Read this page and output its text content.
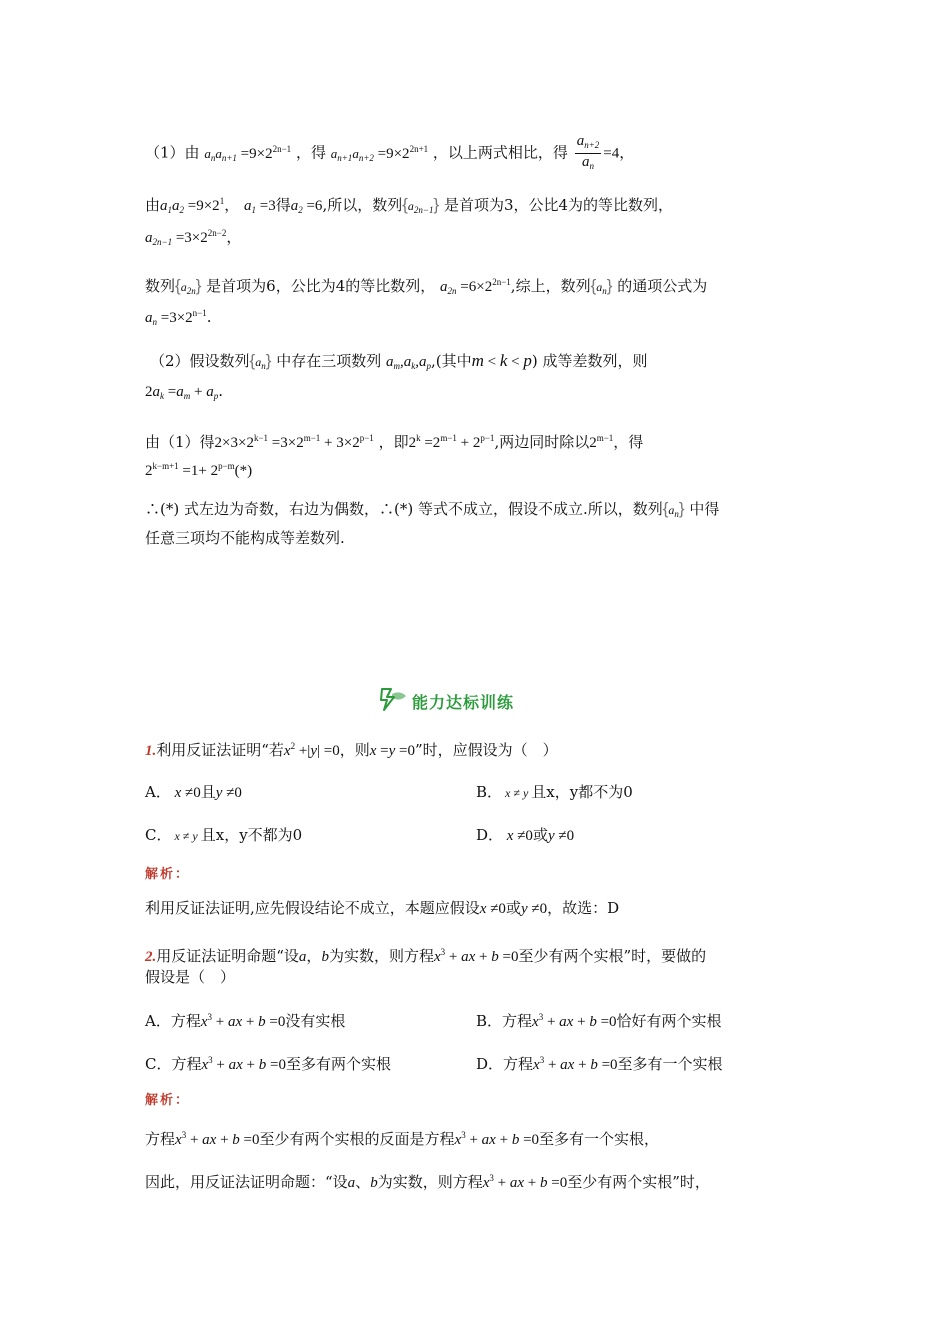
（1）由 $a_na_{n+1} =9\times 2^{2n-1}$ ，得 $a_{n+1}a_{n+2} =9\times 2^{2n+1}$ ，以上两式相比，得 $\frac{a_{n+2}}{a_n} =4$，
由$a_1a_2 =9\times 2^1$， $a_1 =3$得$a_2 =6$,所以，数列$\{a_{2n-1}\}$ 是首项为3，公比4为的等比数列，
$a_{2n-1} =3\times 2^{2n-2}$，
数列$\{a_{2n}\}$ 是首项为6，公比为4的等比数列， $a_{2n} =6\times 2^{2n-1}$,综上，数列$\{a_n\}$ 的通项公式为
$a_n =3\times 2^{n-1}$.
（2）假设数列$\{a_n\}$ 中存在三项数列 $a_m,a_k,a_p$,(其中m < k < p) 成等差数列，则
$2a_k =a_m + a_p$.
由（1）得$2\times 3\times 2^{k-1} =3\times 2^{m-1} + 3\times 2^{p-1}$ ，即$2^k =2^{m-1} + 2^{p-1}$,两边同时除以$2^{m-1}$，得
$2^{k-m+1} =1+ 2^{p-m}(*)$
∴(*) 式左边为奇数，右边为偶数，∴(*) 等式不成立，假设不成立.所以，数列$\{a_n\}$ 中得
任意三项均不能构成等差数列.
能力达标训练
1.利用反证法证明“若$x^2 +|y| =0$，则x =y =0”时，应假设为（　）
A． x ≠0且y ≠0	B． x ≠ y 且x，y都不为0
C． x ≠ y 且x，y不都为0	D． x ≠0或y ≠0
解析：
利用反证法证明,应先假设结论不成立，本题应假设x ≠0或y ≠0，故选：D
2.用反证法证明命题“设a，b为实数，则方程$x^3$ + ax + b =0至少有两个实根”时，要做的
假设是（　）
A．方程$x^3$ + ax + b =0没有实根	B．方程$x^3$ + ax + b =0恰好有两个实根
C．方程$x^3$ + ax + b =0至多有两个实根	D．方程$x^3$ + ax + b =0至多有一个实根
解析：
方程$x^3$ + ax + b =0至少有两个实根的反面是方程$x^3$ + ax + b =0至多有一个实根，
因此，用反证法证明命题：“设a、b为实数，则方程$x^3$ + ax + b =0至少有两个实根”时，
